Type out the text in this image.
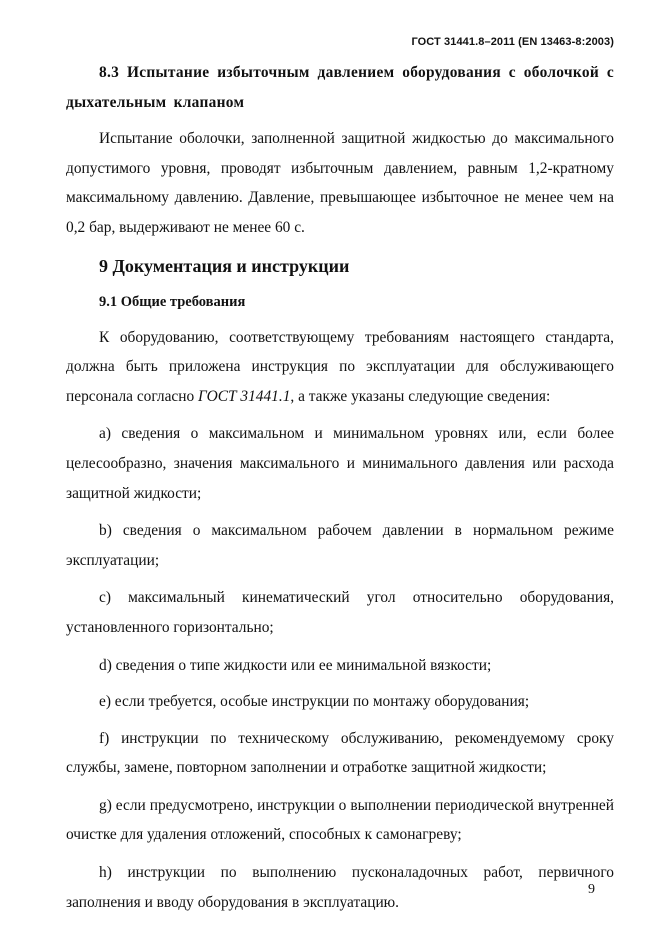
ГОСТ 31441.8–2011 (EN 13463-8:2003)

8.3 Испытание избыточным давлением оборудования с оболочкой с дыхательным клапаном

Испытание оболочки, заполненной защитной жидкостью до максимального допустимого уровня, проводят избыточным давлением, равным 1,2-кратному максимальному давлению. Давление, превышающее избыточное не менее чем на 0,2 бар, выдерживают не менее 60 с.

9 Документация и инструкции
9.1 Общие требования

К оборудованию, соответствующему требованиям настоящего стандарта, должна быть приложена инструкция по эксплуатации для обслуживающего персонала согласно ГОСТ 31441.1, а также указаны следующие сведения:

а) сведения о максимальном и минимальном уровнях или, если более целесообразно, значения максимального и минимального давления или расхода защитной жидкости;

b) сведения о максимальном рабочем давлении в нормальном режиме эксплуатации;

c) максимальный кинематический угол относительно оборудования, установленного горизонтально;

d) сведения о типе жидкости или ее минимальной вязкости;

e) если требуется, особые инструкции по монтажу оборудования;

f) инструкции по техническому обслуживанию, рекомендуемому сроку службы, замене, повторном заполнении и отработке защитной жидкости;

g) если предусмотрено, инструкции о выполнении периодической внутренней очистке для удаления отложений, способных к самонагреву;

h) инструкции по выполнению пусконаладочных работ, первичного заполнения и вводу оборудования в эксплуатацию.

9
